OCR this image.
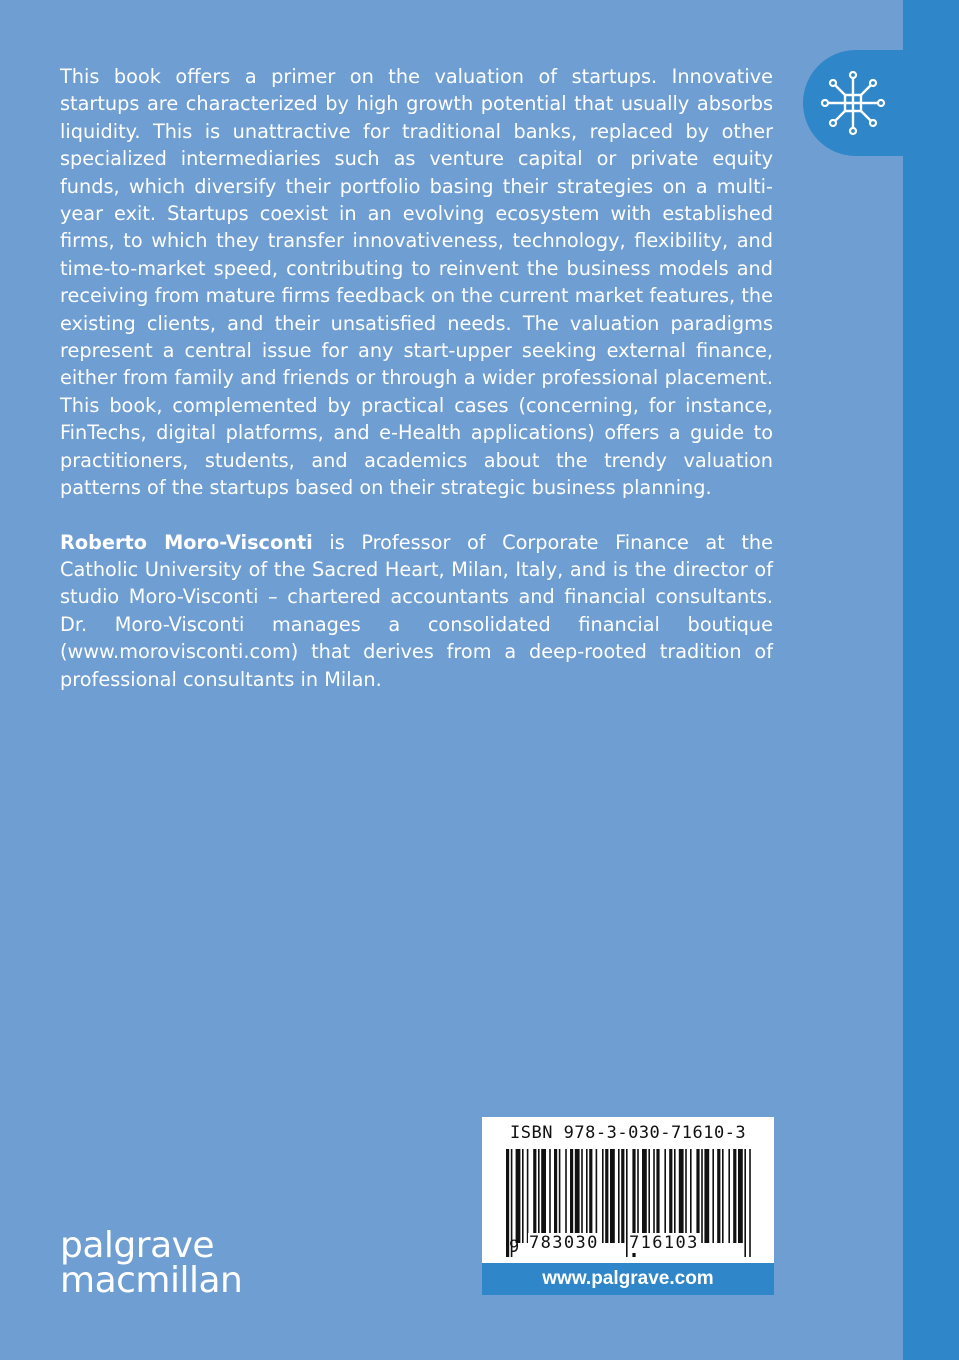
This book offers a primer on the valuation of startups. Innovative startups are characterized by high growth potential that usually absorbs liquidity. This is unattractive for traditional banks, replaced by other specialized intermediaries such as venture capital or private equity funds, which diversify their portfolio basing their strategies on a multi-year exit. Startups coexist in an evolving ecosystem with established firms, to which they transfer innovativeness, technology, flexibility, and time-to-market speed, contributing to reinvent the business models and receiving from mature firms feedback on the current market features, the existing clients, and their unsatisfied needs. The valuation paradigms represent a central issue for any start-upper seeking external finance, either from family and friends or through a wider professional placement. This book, complemented by practical cases (concerning, for instance, FinTechs, digital platforms, and e-Health applications) offers a guide to practitioners, students, and academics about the trendy valuation patterns of the startups based on their strategic business planning.

Roberto Moro-Visconti is Professor of Corporate Finance at the Catholic University of the Sacred Heart, Milan, Italy, and is the director of studio Moro-Visconti – chartered accountants and financial consultants. Dr. Moro-Visconti manages a consolidated financial boutique (www.morovisconti.com) that derives from a deep-rooted tradition of professional consultants in Milan.

ISBN 978-3-030-71610-3
9 783030 716103
www.palgrave.com
palgrave
macmillan
